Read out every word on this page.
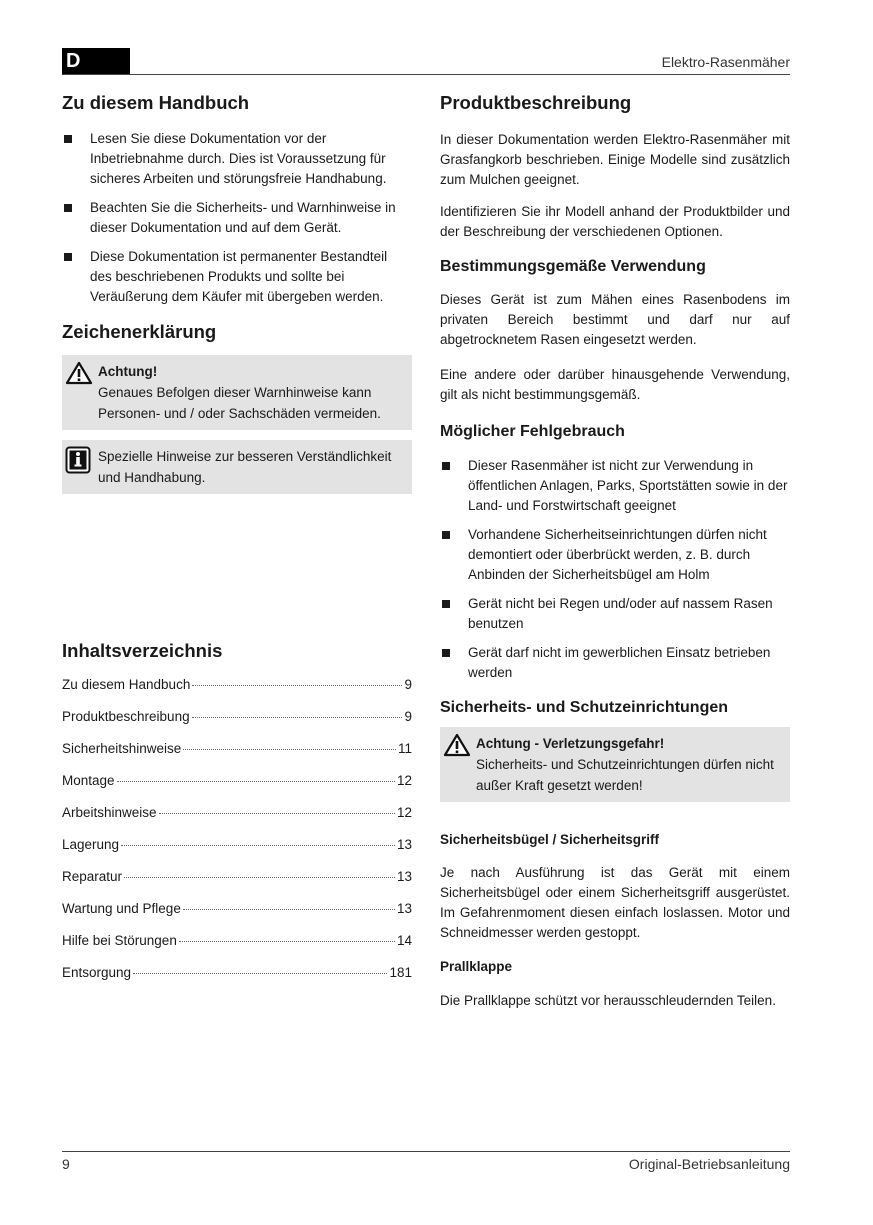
D	Elektro-Rasenmäher
Zu diesem Handbuch
Lesen Sie diese Dokumentation vor der Inbetriebnahme durch. Dies ist Voraussetzung für sicheres Arbeiten und störungsfreie Handhabung.
Beachten Sie die Sicherheits- und Warnhinweise in dieser Dokumentation und auf dem Gerät.
Diese Dokumentation ist permanenter Bestandteil des beschriebenen Produkts und sollte bei Veräußerung dem Käufer mit übergeben werden.
Zeichenerklärung
Achtung!
Genaues Befolgen dieser Warnhinweise kann Personen- und / oder Sachschäden vermeiden.
Spezielle Hinweise zur besseren Verständlichkeit und Handhabung.
Inhaltsverzeichnis
Zu diesem Handbuch	9
Produktbeschreibung	9
Sicherheitshinweise	11
Montage	12
Arbeitshinweise	12
Lagerung	13
Reparatur	13
Wartung und Pflege	13
Hilfe bei Störungen	14
Entsorgung	181
Produktbeschreibung

In dieser Dokumentation werden Elektro-Rasenmäher mit Grasfangkorb beschrieben. Einige Modelle sind zusätzlich zum Mulchen geeignet.

Identifizieren Sie ihr Modell anhand der Produktbilder und der Beschreibung der verschiedenen Optionen.

Bestimmungsgemäße Verwendung

Dieses Gerät ist zum Mähen eines Rasenbodens im privaten Bereich bestimmt und darf nur auf abgetrocknetem Rasen eingesetzt werden.

Eine andere oder darüber hinausgehende Verwendung, gilt als nicht bestimmungsgemäß.

Möglicher Fehlgebrauch
Dieser Rasenmäher ist nicht zur Verwendung in öffentlichen Anlagen, Parks, Sportstätten sowie in der Land- und Forstwirtschaft geeignet
Vorhandene Sicherheitseinrichtungen dürfen nicht demontiert oder überbrückt werden, z. B. durch Anbinden der Sicherheitsbügel am Holm
Gerät nicht bei Regen und/oder auf nassem Rasen benutzen
Gerät darf nicht im gewerblichen Einsatz betrieben werden
Sicherheits- und Schutzeinrichtungen
Achtung - Verletzungsgefahr!
Sicherheits- und Schutzeinrichtungen dürfen nicht außer Kraft gesetzt werden!
Sicherheitsbügel / Sicherheitsgriff

Je nach Ausführung ist das Gerät mit einem Sicherheitsbügel oder einem Sicherheitsgriff ausgerüstet. Im Gefahrenmoment diesen einfach loslassen. Motor und Schneidmesser werden gestoppt.

Prallklappe

Die Prallklappe schützt vor herausschleudernden Teilen.

9	Original-Betriebsanleitung
